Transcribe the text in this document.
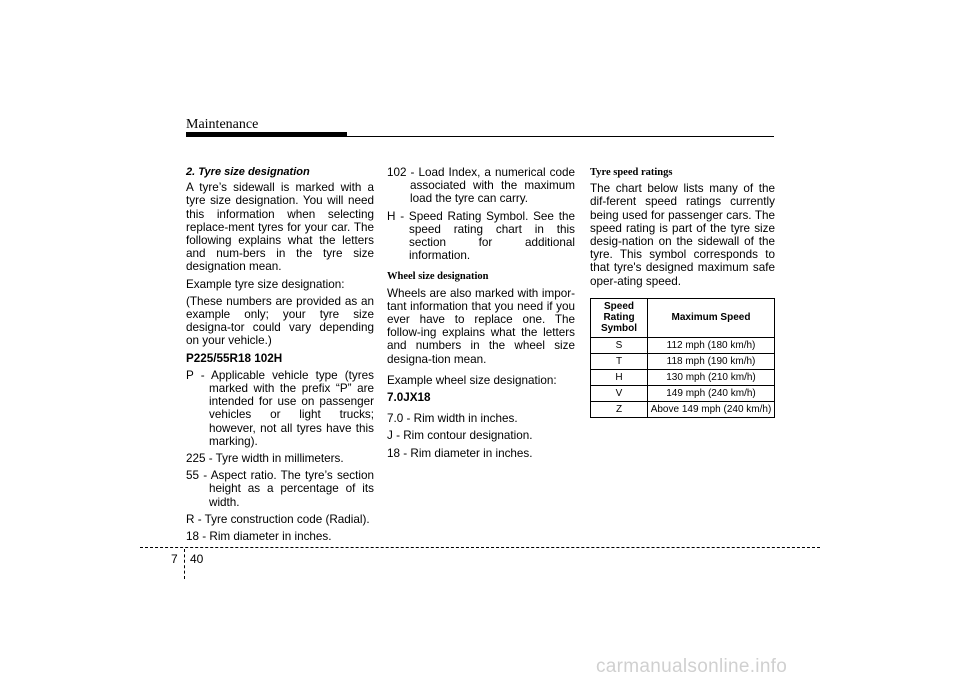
Maintenance

2. Tyre size designation

A tyre’s sidewall is marked with a tyre size designation. You will need this information when selecting replace-ment tyres for your car. The following explains what the letters and num-bers in the tyre size designation mean.

Example tyre size designation:

(These numbers are provided as an example only; your tyre size designa-tor could vary depending on your vehicle.)

P225/55R18 102H

P - Applicable vehicle type (tyres marked with the prefix “P” are intended for use on passenger vehicles or light trucks; however, not all tyres have this marking).

225 - Tyre width in millimeters.

55 - Aspect ratio. The tyre’s section height as a percentage of its width.

R - Tyre construction code (Radial).

18 - Rim diameter in inches.

102 - Load Index, a numerical code associated with the maximum load the tyre can carry.

H - Speed Rating Symbol. See the speed rating chart in this section for additional information.

Wheel size designation

Wheels are also marked with impor-tant information that you need if you ever have to replace one. The follow-ing explains what the letters and numbers in the wheel size designa-tion mean.

Example wheel size designation:

7.0JX18

7.0 - Rim width in inches.

J - Rim contour designation.

18 - Rim diameter in inches.

Tyre speed ratings

The chart below lists many of the dif-ferent speed ratings currently being used for passenger cars. The speed rating is part of the tyre size desig-nation on the sidewall of the tyre. This symbol corresponds to that tyre's designed maximum safe oper-ating speed.

Speed Rating Symbol	Maximum Speed
S	112 mph (180 km/h)
T	118 mph (190 km/h)
H	130 mph (210 km/h)
V	149 mph (240 km/h)
Z	Above 149 mph (240 km/h)
7 40
carmanualsonline.info
